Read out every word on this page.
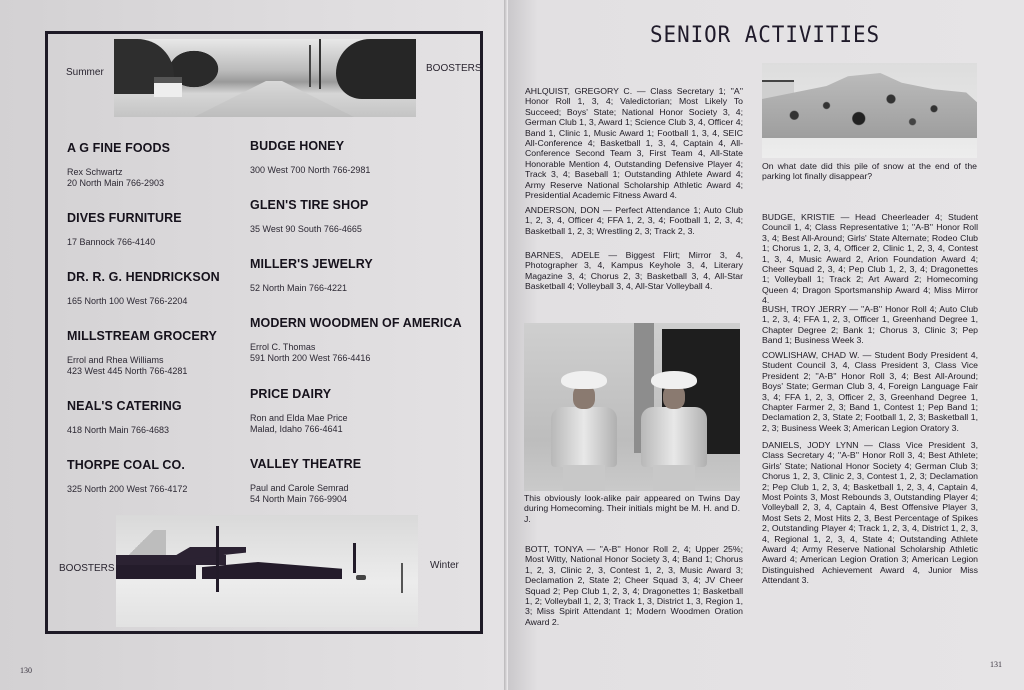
Summer	BOOSTERS
A G FINE FOODS
Rex Schwartz
20 North Main 766-2903
DIVES FURNITURE
17 Bannock 766-4140
DR. R. G. HENDRICKSON
165 North 100 West 766-2204
MILLSTREAM GROCERY
Errol and Rhea Williams
423 West 445 North 766-4281
NEAL'S CATERING
418 North Main 766-4683
THORPE COAL CO.
325 North 200 West 766-4172
BUDGE HONEY
300 West 700 North 766-2981
GLEN'S TIRE SHOP
35 West 90 South 766-4665
MILLER'S JEWELRY
52 North Main 766-4221
MODERN WOODMEN OF AMERICA
Errol C. Thomas
591 North 200 West 766-4416
PRICE DAIRY
Ron and Elda Mae Price
Malad, Idaho 766-4641
VALLEY THEATRE
Paul and Carole Semrad
54 North Main 766-9904
BOOSTERS	Winter
130
SENIOR ACTIVITIES
AHLQUIST, GREGORY C. — Class Secretary 1; ''A'' Honor Roll 1, 3, 4; Valedictorian; Most Likely To Succeed; Boys' State; National Honor Society 3, 4; German Club 1, 3, Award 1; Science Club 3, 4, Officer 4; Band 1, Clinic 1, Music Award 1; Football 1, 3, 4, SEIC All-Conference 4; Basketball 1, 3, 4, Captain 4, All-Conference Second Team 3, First Team 4, All-State Honorable Mention 4, Outstanding Defensive Player 4; Track 3, 4; Baseball 1; Outstanding Athlete Award 4; Army Reserve National Scholarship Athletic Award 4; Presidential Academic Fitness Award 4.
ANDERSON, DON — Perfect Attendance 1; Auto Club 1, 2, 3, 4, Officer 4; FFA 1, 2, 3, 4; Football 1, 2, 3, 4; Basketball 1, 2, 3; Wrestling 2, 3; Track 2, 3.
BARNES, ADELE — Biggest Flirt; Mirror 3, 4, Photographer 3, 4, Kampus Keyhole 3, 4, Literary Magazine 3, 4; Chorus 2, 3; Basketball 3, 4, All-Star Basketball 4; Volleyball 3, 4, All-Star Volleyball 4.
This obviously look-alike pair appeared on Twins Day during Homecoming. Their initials might be M. H. and D. J.
BOTT, TONYA — ''A-B'' Honor Roll 2, 4; Upper 25%; Most Witty, National Honor Society 3, 4; Band 1; Chorus 1, 2, 3, Clinic 2, 3, Contest 1, 2, 3, Music Award 3; Declamation 2, State 2; Cheer Squad 3, 4; JV Cheer Squad 2; Pep Club 1, 2, 3, 4; Dragonettes 1; Basketball 1, 2; Volleyball 1, 2, 3; Track 1, 3, District 1, 3, Region 1, 3; Miss Spirit Attendant 1; Modern Woodmen Oration Award 2.
On what date did this pile of snow at the end of the parking lot finally disappear?
BUDGE, KRISTIE — Head Cheerleader 4; Student Council 1, 4; Class Representative 1; ''A-B'' Honor Roll 3, 4; Best All-Around; Girls' State Alternate; Rodeo Club 1; Chorus 1, 2, 3, 4, Officer 2, Clinic 1, 2, 3, 4, Contest 1, 3, 4, Music Award 2, Arion Foundation Award 4; Cheer Squad 2, 3, 4; Pep Club 1, 2, 3, 4; Dragonettes 1; Volleyball 1; Track 2; Art Award 2; Homecoming Queen 4; Dragon Sportsmanship Award 4; Miss Mirror 4.
BUSH, TROY JERRY — ''A-B'' Honor Roll 4; Auto Club 1, 2, 3, 4; FFA 1, 2, 3, Officer 1, Greenhand Degree 1, Chapter Degree 2; Bank 1; Chorus 3, Clinic 3; Pep Band 1; Business Week 3.
COWLISHAW, CHAD W. — Student Body President 4, Student Council 3, 4, Class President 3, Class Vice President 2; ''A-B'' Honor Roll 3, 4; Best All-Around; Boys' State; German Club 3, 4, Foreign Language Fair 3, 4; FFA 1, 2, 3, Officer 2, 3, Greenhand Degree 1, Chapter Farmer 2, 3; Band 1, Contest 1; Pep Band 1; Declamation 2, 3, State 2; Football 1, 2, 3; Basketball 1, 2, 3; Business Week 3; American Legion Oratory 3.
DANIELS, JODY LYNN — Class Vice President 3, Class Secretary 4; ''A-B'' Honor Roll 3, 4; Best Athlete; Girls' State; National Honor Society 4; German Club 3; Chorus 1, 2, 3, Clinic 2, 3, Contest 1, 2, 3; Declamation 2; Pep Club 1, 2, 3, 4; Basketball 1, 2, 3, 4, Captain 4, Most Points 3, Most Rebounds 3, Outstanding Player 4; Volleyball 2, 3, 4, Captain 4, Best Offensive Player 3, Most Sets 2, Most Hits 2, 3, Best Percentage of Spikes 2, Outstanding Player 4; Track 1, 2, 3, 4, District 1, 2, 3, 4, Regional 1, 2, 3, 4, State 4; Outstanding Athlete Award 4; Army Reserve National Scholarship Athletic Award 4; American Legion Oration 3; American Legion Distinguished Achievement Award 4, Junior Miss Attendant 3.
131
